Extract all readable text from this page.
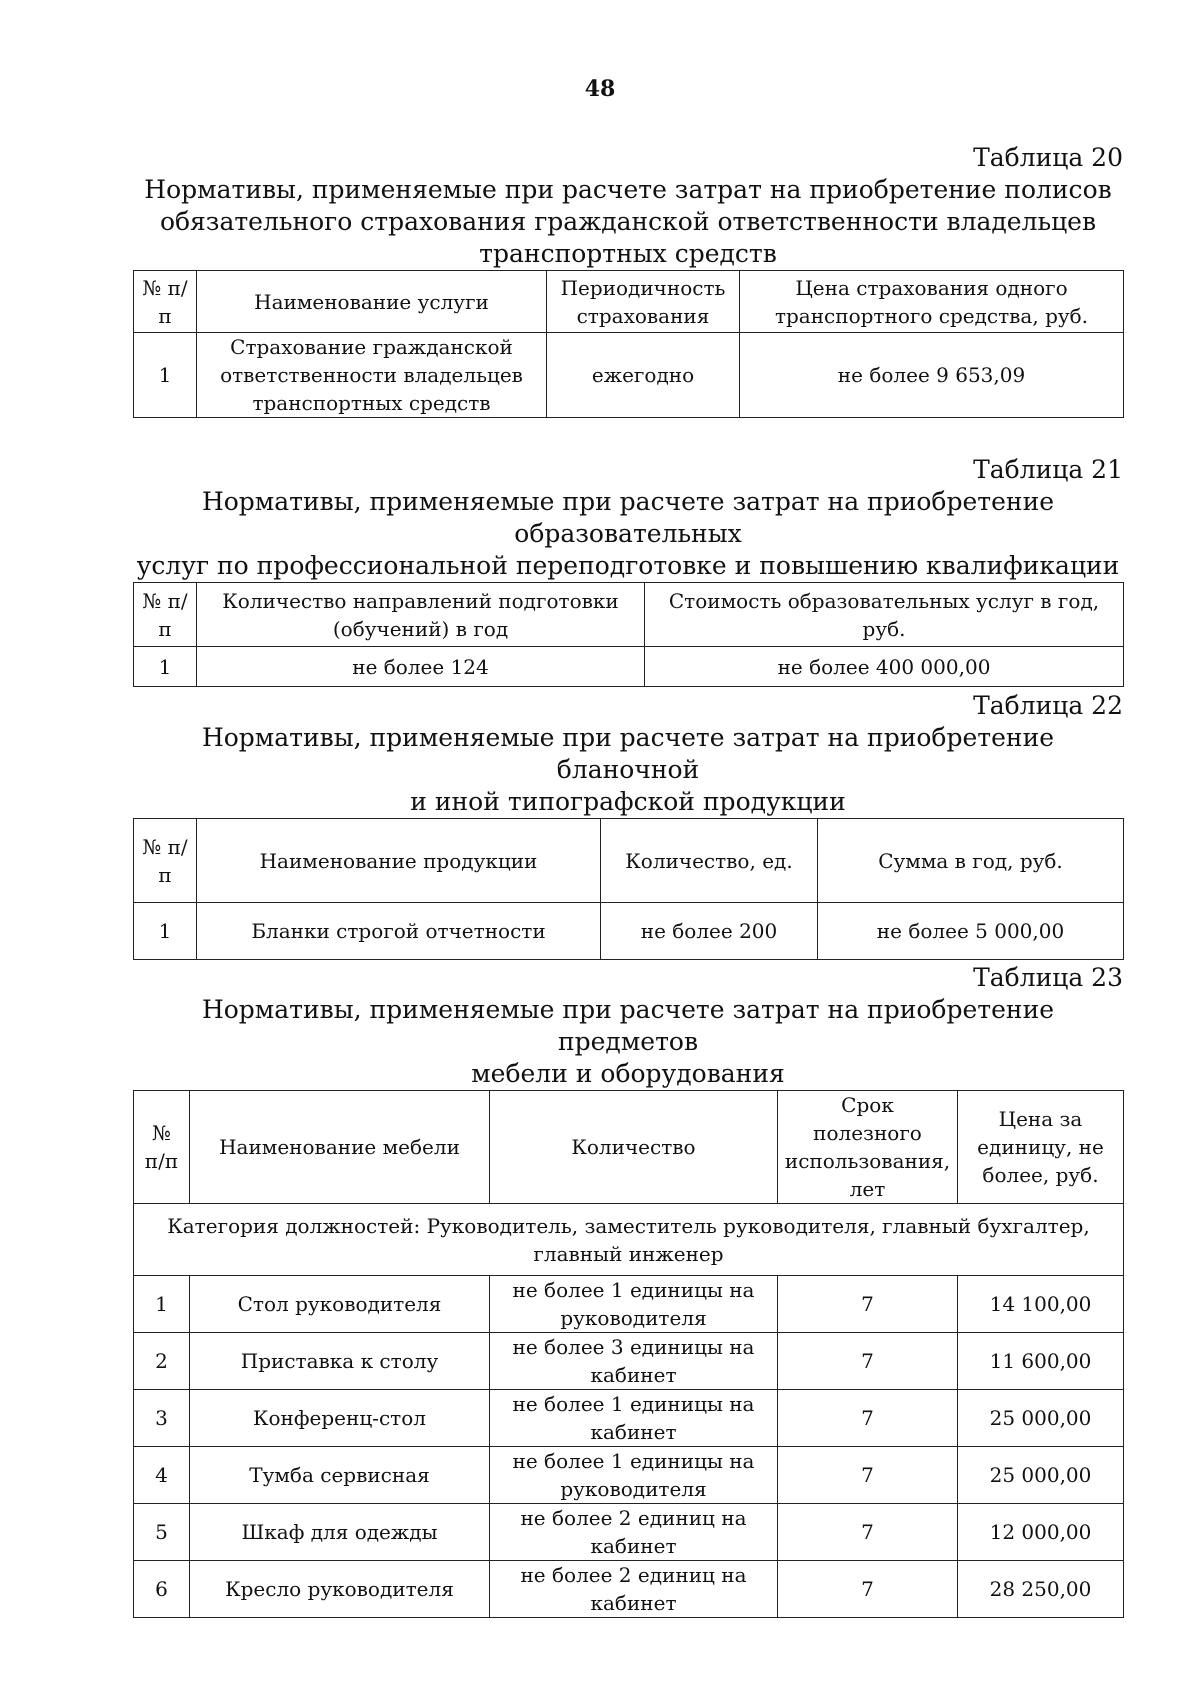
48
Таблица 20
Нормативы, применяемые при расчете затрат на приобретение полисов
обязательного страхования гражданской ответственности владельцев
транспортных средств
№ п/п	Наименование услуги	Периодичность страхования	Цена страхования одного транспортного средства, руб.
1	Страхование гражданской ответственности владельцев транспортных средств	ежегодно	не более 9 653,09
Таблица 21
Нормативы, применяемые при расчете затрат на приобретение образовательных
услуг по профессиональной переподготовке и повышению квалификации
№ п/п	Количество направлений подготовки (обучений) в год	Стоимость образовательных услуг в год, руб.
1	не более 124	не более 400 000,00
Таблица 22
Нормативы, применяемые при расчете затрат на приобретение бланочной
и иной типографской продукции
№ п/п	Наименование продукции	Количество, ед.	Сумма в год, руб.
1	Бланки строгой отчетности	не более 200	не более 5 000,00
Таблица 23
Нормативы, применяемые при расчете затрат на приобретение предметов
мебели и оборудования
№ п/п	Наименование мебели	Количество	Срок полезного использования, лет	Цена за единицу, не более, руб.
Категория должностей: Руководитель, заместитель руководителя, главный бухгалтер, главный инженер				
1	Стол руководителя	не более 1 единицы на руководителя	7	14 100,00
2	Приставка к столу	не более 3 единицы на кабинет	7	11 600,00
3	Конференц-стол	не более 1 единицы на кабинет	7	25 000,00
4	Тумба сервисная	не более 1 единицы на руководителя	7	25 000,00
5	Шкаф для одежды	не более 2 единиц на кабинет	7	12 000,00
6	Кресло руководителя	не более 2 единиц на кабинет	7	28 250,00
